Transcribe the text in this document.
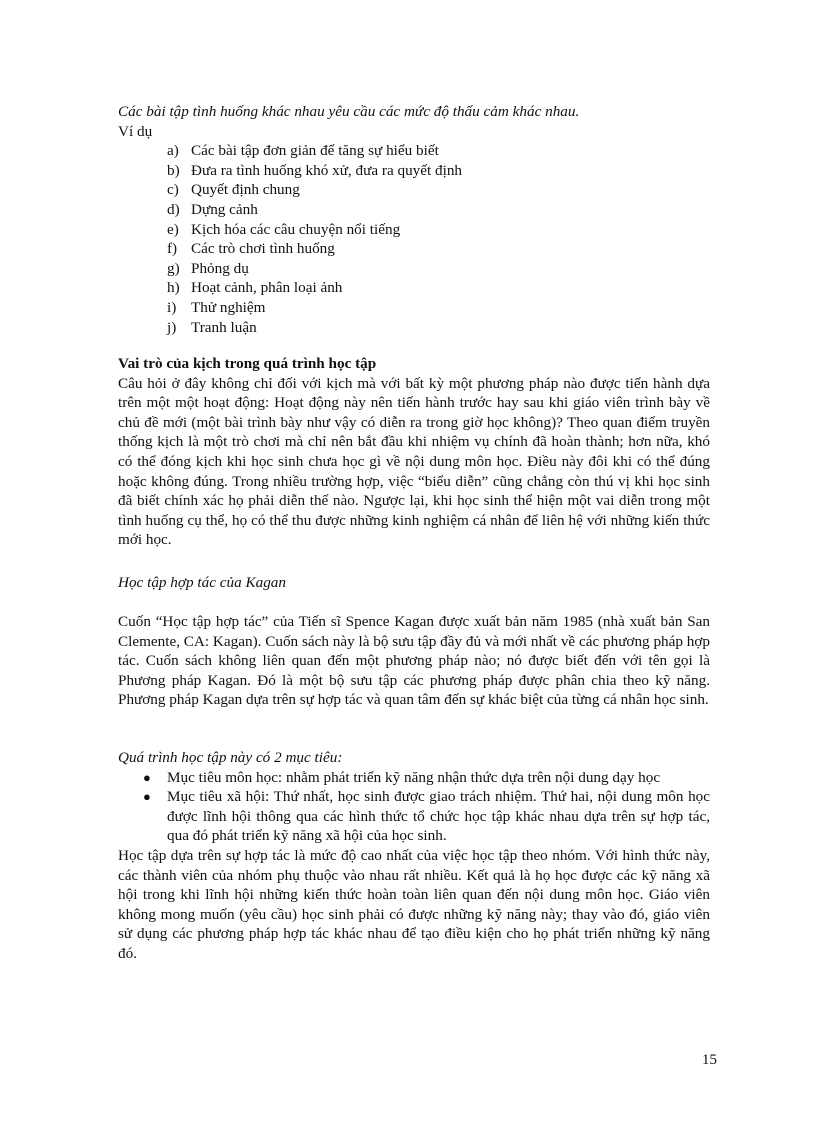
Các bài tập tình huống khác nhau yêu cầu các mức độ thấu cảm khác nhau.
Ví dụ
a) Các bài tập đơn giản để tăng sự hiểu biết
b) Đưa ra tình huống khó xử, đưa ra quyết định
c) Quyết định chung
d) Dựng cảnh
e) Kịch hóa các câu chuyện nổi tiếng
f) Các trò chơi tình huống
g) Phỏng dụ
h) Hoạt cảnh, phân loại ảnh
i) Thử nghiệm
j) Tranh luận
Vai trò của kịch trong quá trình học tập
Câu hỏi ở đây không chỉ đối với kịch mà với bất kỳ một phương pháp nào được tiến hành dựa trên một một hoạt động: Hoạt động này nên tiến hành trước hay sau khi giáo viên trình bày về chủ đề mới (một bài trình bày như vậy có diễn ra trong giờ học không)? Theo quan điểm truyền thống kịch là một trò chơi mà chỉ nên bắt đầu khi nhiệm vụ chính đã hoàn thành; hơn nữa, khó có thể đóng kịch khi học sinh chưa học gì về nội dung môn học. Điều này đôi khi có thể đúng hoặc không đúng. Trong nhiều trường hợp, việc “biểu diễn” cũng chẳng còn thú vị khi học sinh đã biết chính xác họ phải diễn thế nào. Ngược lại, khi học sinh thể hiện một vai diễn trong một tình huống cụ thể, họ có thể thu được những kinh nghiệm cá nhân để liên hệ với những kiến thức mới học.
Học tập hợp tác của Kagan
Cuốn “Học tập hợp tác” của Tiến sĩ Spence Kagan được xuất bản năm 1985 (nhà xuất bản San Clemente, CA: Kagan). Cuốn sách này là bộ sưu tập đầy đủ và mới nhất về các phương pháp hợp tác. Cuốn sách không liên quan đến một phương pháp nào; nó được biết đến với tên gọi là Phương pháp Kagan. Đó là một bộ sưu tập các phương pháp được phân chia theo kỹ năng. Phương pháp Kagan dựa trên sự hợp tác và quan tâm đến sự khác biệt của từng cá nhân học sinh.
Quá trình học tập này có 2 mục tiêu:
●	Mục tiêu môn học: nhằm phát triển kỹ năng nhận thức dựa trên nội dung dạy học
●	Mục tiêu xã hội: Thứ nhất, học sinh được giao trách nhiệm. Thứ hai, nội dung môn học được lĩnh hội thông qua các hình thức tổ chức học tập khác nhau dựa trên sự hợp tác, qua đó phát triển kỹ năng xã hội của học sinh.
Học tập dựa trên sự hợp tác là mức độ cao nhất của việc học tập theo nhóm. Với hình thức này, các thành viên của nhóm phụ thuộc vào nhau rất nhiều. Kết quả là họ học được các kỹ năng xã hội trong khi lĩnh hội những kiến thức hoàn toàn liên quan đến nội dung môn học. Giáo viên không mong muốn (yêu cầu) học sinh phải có được những kỹ năng này; thay vào đó, giáo viên sử dụng các phương pháp hợp tác khác nhau để tạo điều kiện cho họ phát triển những kỹ năng đó.
15
